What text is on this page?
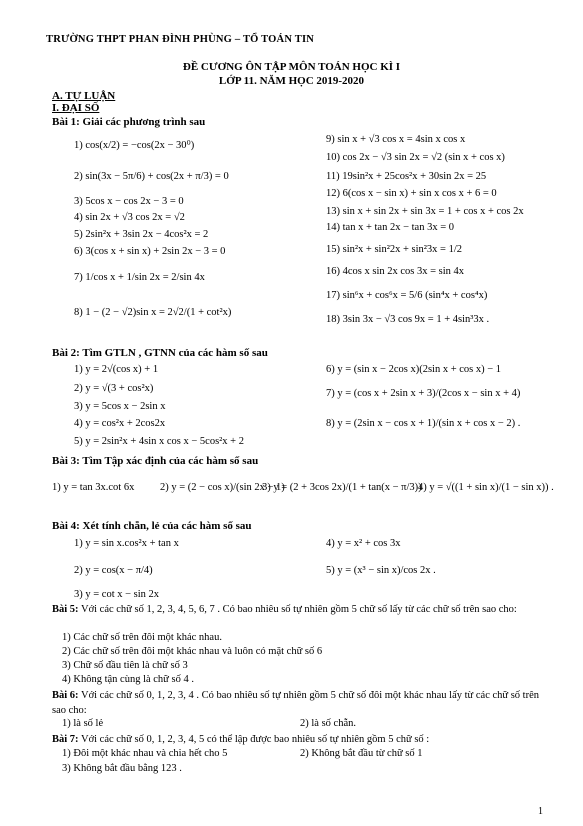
TRƯỜNG THPT PHAN ĐÌNH PHÙNG – TỔ TOÁN TIN
ĐỀ CƯƠNG ÔN TẬP MÔN TOÁN HỌC KÌ I
LỚP 11. NĂM HỌC 2019-2020
A. TỰ LUẬN
I. ĐẠI SỐ
Bài 1: Giải các phương trình sau
1) cos(x/2) = −cos(2x − 30⁰)
2) sin(3x − 5π/6) + cos(2x + π/3) = 0
3) 5cos x − cos 2x − 3 = 0
4) sin 2x + √3 cos 2x = √2
5) 2sin²x + 3sin 2x − 4cos²x = 2
6) 3(cos x + sin x) + 2sin 2x − 3 = 0
7) 1/cos x + 1/sin 2x = 2/sin 4x
8) 1 − (2 − √2)sin x = 2√2/(1 + cot²x)
9) sin x + √3 cos x = 4sin x cos x
10) cos 2x − √3 sin 2x = √2 (sin x + cos x)
11) 19sin²x + 25cos²x + 30sin 2x = 25
12) 6(cos x − sin x) + sin x cos x + 6 = 0
13) sin x + sin 2x + sin 3x = 1 + cos x + cos 2x
14) tan x + tan 2x − tan 3x = 0
15) sin²x + sin²2x + sin²3x = 1/2
16) 4cos x sin 2x cos 3x = sin 4x
17) sin⁶x + cos⁶x = 5/6 (sin⁴x + cos⁴x)
18) 3sin 3x − √3 cos 9x = 1 + 4sin³3x .
Bài 2: Tìm GTLN , GTNN của các hàm số sau
1) y = 2√(cos x) + 1
2) y = √(3 + cos²x)
3) y = 5cos x − 2sin x
4) y = cos²x + 2cos2x
5) y = 2sin²x + 4sin x cos x − 5cos²x + 2
6) y = (sin x − 2cos x)(2sin x + cos x) − 1
7) y = (cos x + 2sin x + 3)/(2cos x − sin x + 4)
8) y = (2sin x − cos x + 1)/(sin x + cos x − 2) .
Bài 3: Tìm Tập xác định của các hàm số sau
1) y = tan 3x.cot 6x 2) y = (2 − cos x)/(sin 2x − 1)
3) y = (2 + 3cos 2x)/(1 + tan(x − π/3))
4) y = √((1 + sin x)/(1 − sin x)) .
Bài 4: Xét tính chẵn, lẻ của các hàm số sau
1) y = sin x.cos²x + tan x
2) y = cos(x − π/4)
3) y = cot x − sin 2x
4) y = x² + cos 3x
5) y = (x³ − sin x)/cos 2x .
Bài 5: Với các chữ số 1, 2, 3, 4, 5, 6, 7 . Có bao nhiêu số tự nhiên gồm 5 chữ số lấy từ các chữ số trên sao cho:
1) Các chữ số trên đôi một khác nhau.
2) Các chữ số trên đôi một khác nhau và luôn có mặt chữ số 6
3) Chữ số đầu tiên là chữ số 3
4) Không tận cùng là chữ số 4 .
Bài 6: Với các chữ số 0, 1, 2, 3, 4 . Có bao nhiêu số tự nhiên gồm 5 chữ số đôi một khác nhau lấy từ các chữ số trên sao cho:
1) là số lẻ	2) là số chẵn.
Bài 7: Với các chữ số 0, 1, 2, 3, 4, 5 có thể lập được bao nhiêu số tự nhiên gồm 5 chữ số :
1) Đôi một khác nhau và chia hết cho 5	2) Không bắt đầu từ chữ số 1
3) Không bắt đầu bằng 123 .
1
